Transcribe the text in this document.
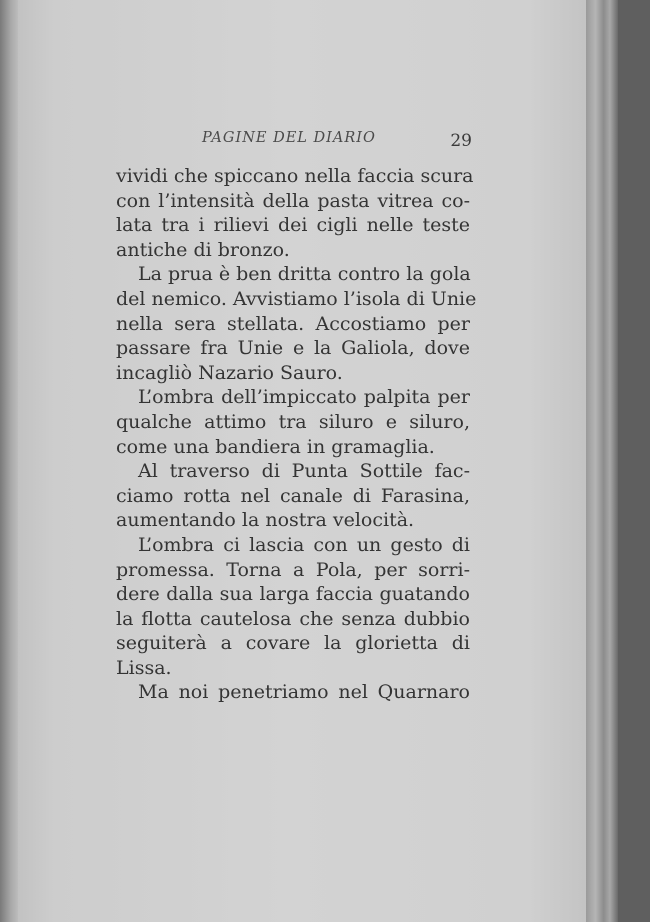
PAGINE DEL DIARIO	29
vividi che spiccano nella faccia scura
con l’intensità della pasta vitrea co-
lata tra i rilievi dei cigli nelle teste
antiche di bronzo.
La prua è ben dritta contro la gola
del nemico. Avvistiamo l’isola di Unie
nella sera stellata. Accostiamo per
passare fra Unie e la Galiola, dove
incagliò Nazario Sauro.
L’ombra dell’impiccato palpita per
qualche attimo tra siluro e siluro,
come una bandiera in gramaglia.
Al traverso di Punta Sottile fac-
ciamo rotta nel canale di Farasina,
aumentando la nostra velocità.
L’ombra ci lascia con un gesto di
promessa. Torna a Pola, per sorri-
dere dalla sua larga faccia guatando
la flotta cautelosa che senza dubbio
seguiterà a covare la glorietta di
Lissa.
Ma noi penetriamo nel Quarnaro
